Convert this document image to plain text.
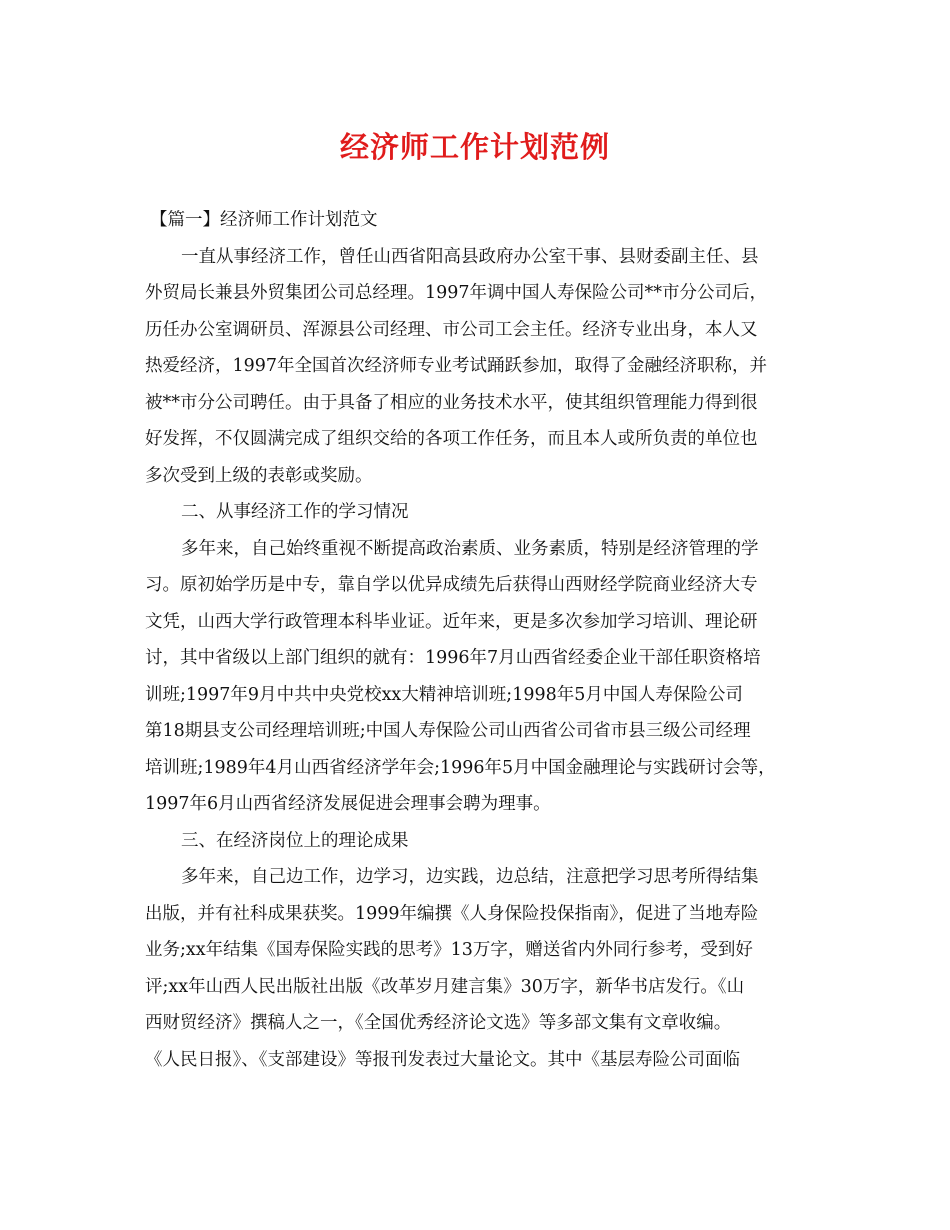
经济师工作计划范例
【篇一】经济师工作计划范文
一直从事经济工作，曾任山西省阳高县政府办公室干事、县财委副主任、县
外贸局长兼县外贸集团公司总经理。1997年调中国人寿保险公司**市分公司后，
历任办公室调研员、浑源县公司经理、市公司工会主任。经济专业出身，本人又
热爱经济，1997年全国首次经济师专业考试踊跃参加，取得了金融经济职称，并
被**市分公司聘任。由于具备了相应的业务技术水平，使其组织管理能力得到很
好发挥，不仅圆满完成了组织交给的各项工作任务，而且本人或所负责的单位也
多次受到上级的表彰或奖励。
二、从事经济工作的学习情况
多年来，自己始终重视不断提高政治素质、业务素质，特别是经济管理的学
习。原初始学历是中专，靠自学以优异成绩先后获得山西财经学院商业经济大专
文凭，山西大学行政管理本科毕业证。近年来，更是多次参加学习培训、理论研
讨，其中省级以上部门组织的就有：1996年7月山西省经委企业干部任职资格培
训班;1997年9月中共中央党校xx大精神培训班;1998年5月中国人寿保险公司
第18期县支公司经理培训班;中国人寿保险公司山西省公司省市县三级公司经理
培训班;1989年4月山西省经济学年会;1996年5月中国金融理论与实践研讨会等，
1997年6月山西省经济发展促进会理事会聘为理事。
三、在经济岗位上的理论成果
多年来，自己边工作，边学习，边实践，边总结，注意把学习思考所得结集
出版，并有社科成果获奖。1999年编撰《人身保险投保指南》，促进了当地寿险
业务;xx年结集《国寿保险实践的思考》13万字，赠送省内外同行参考，受到好
评;xx年山西人民出版社出版《改革岁月建言集》30万字，新华书店发行。《山
西财贸经济》撰稿人之一，《全国优秀经济论文选》等多部文集有文章收编。
《人民日报》、《支部建设》等报刊发表过大量论文。其中《基层寿险公司面临
